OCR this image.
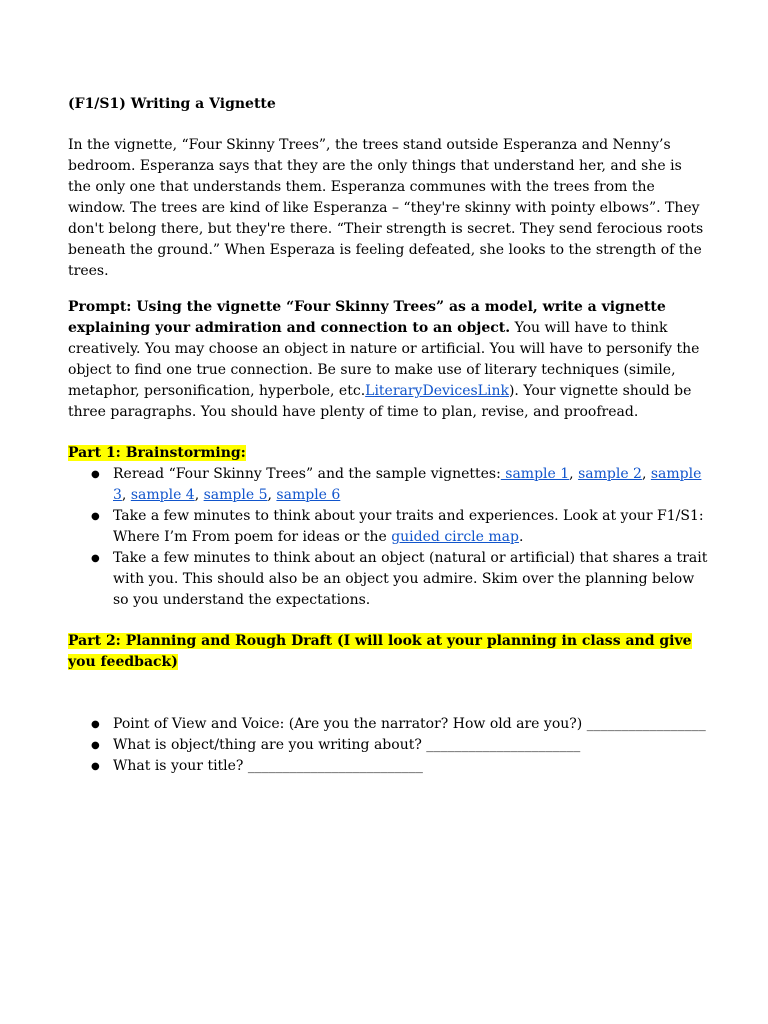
(F1/S1) Writing a Vignette

In the vignette, “Four Skinny Trees”, the trees stand outside Esperanza and Nenny’s bedroom. Esperanza says that they are the only things that understand her, and she is the only one that understands them. Esperanza communes with the trees from the window. The trees are kind of like Esperanza – “they're skinny with pointy elbows”. They don't belong there, but they're there. “Their strength is secret. They send ferocious roots beneath the ground.” When Esperaza is feeling defeated, she looks to the strength of the trees.

Prompt: Using the vignette “Four Skinny Trees” as a model, write a vignette explaining your admiration and connection to an object. You will have to think creatively. You may choose an object in nature or artificial. You will have to personify the object to find one true connection. Be sure to make use of literary techniques (simile, metaphor, personification, hyperbole, etc.LiteraryDevicesLink). Your vignette should be three paragraphs. You should have plenty of time to plan, revise, and proofread.

Part 1: Brainstorming:

● Reread “Four Skinny Trees” and the sample vignettes: sample 1, sample 2, sample 3, sample 4, sample 5, sample 6
● Take a few minutes to think about your traits and experiences. Look at your F1/S1: Where I’m From poem for ideas or the guided circle map.
● Take a few minutes to think about an object (natural or artificial) that shares a trait with you. This should also be an object you admire. Skim over the planning below so you understand the expectations.

Part 2: Planning and Rough Draft (I will look at your planning in class and give you feedback)

● Point of View and Voice: (Are you the narrator? How old are you?) _________________
● What is object/thing are you writing about? ______________________
● What is your title? _________________________
